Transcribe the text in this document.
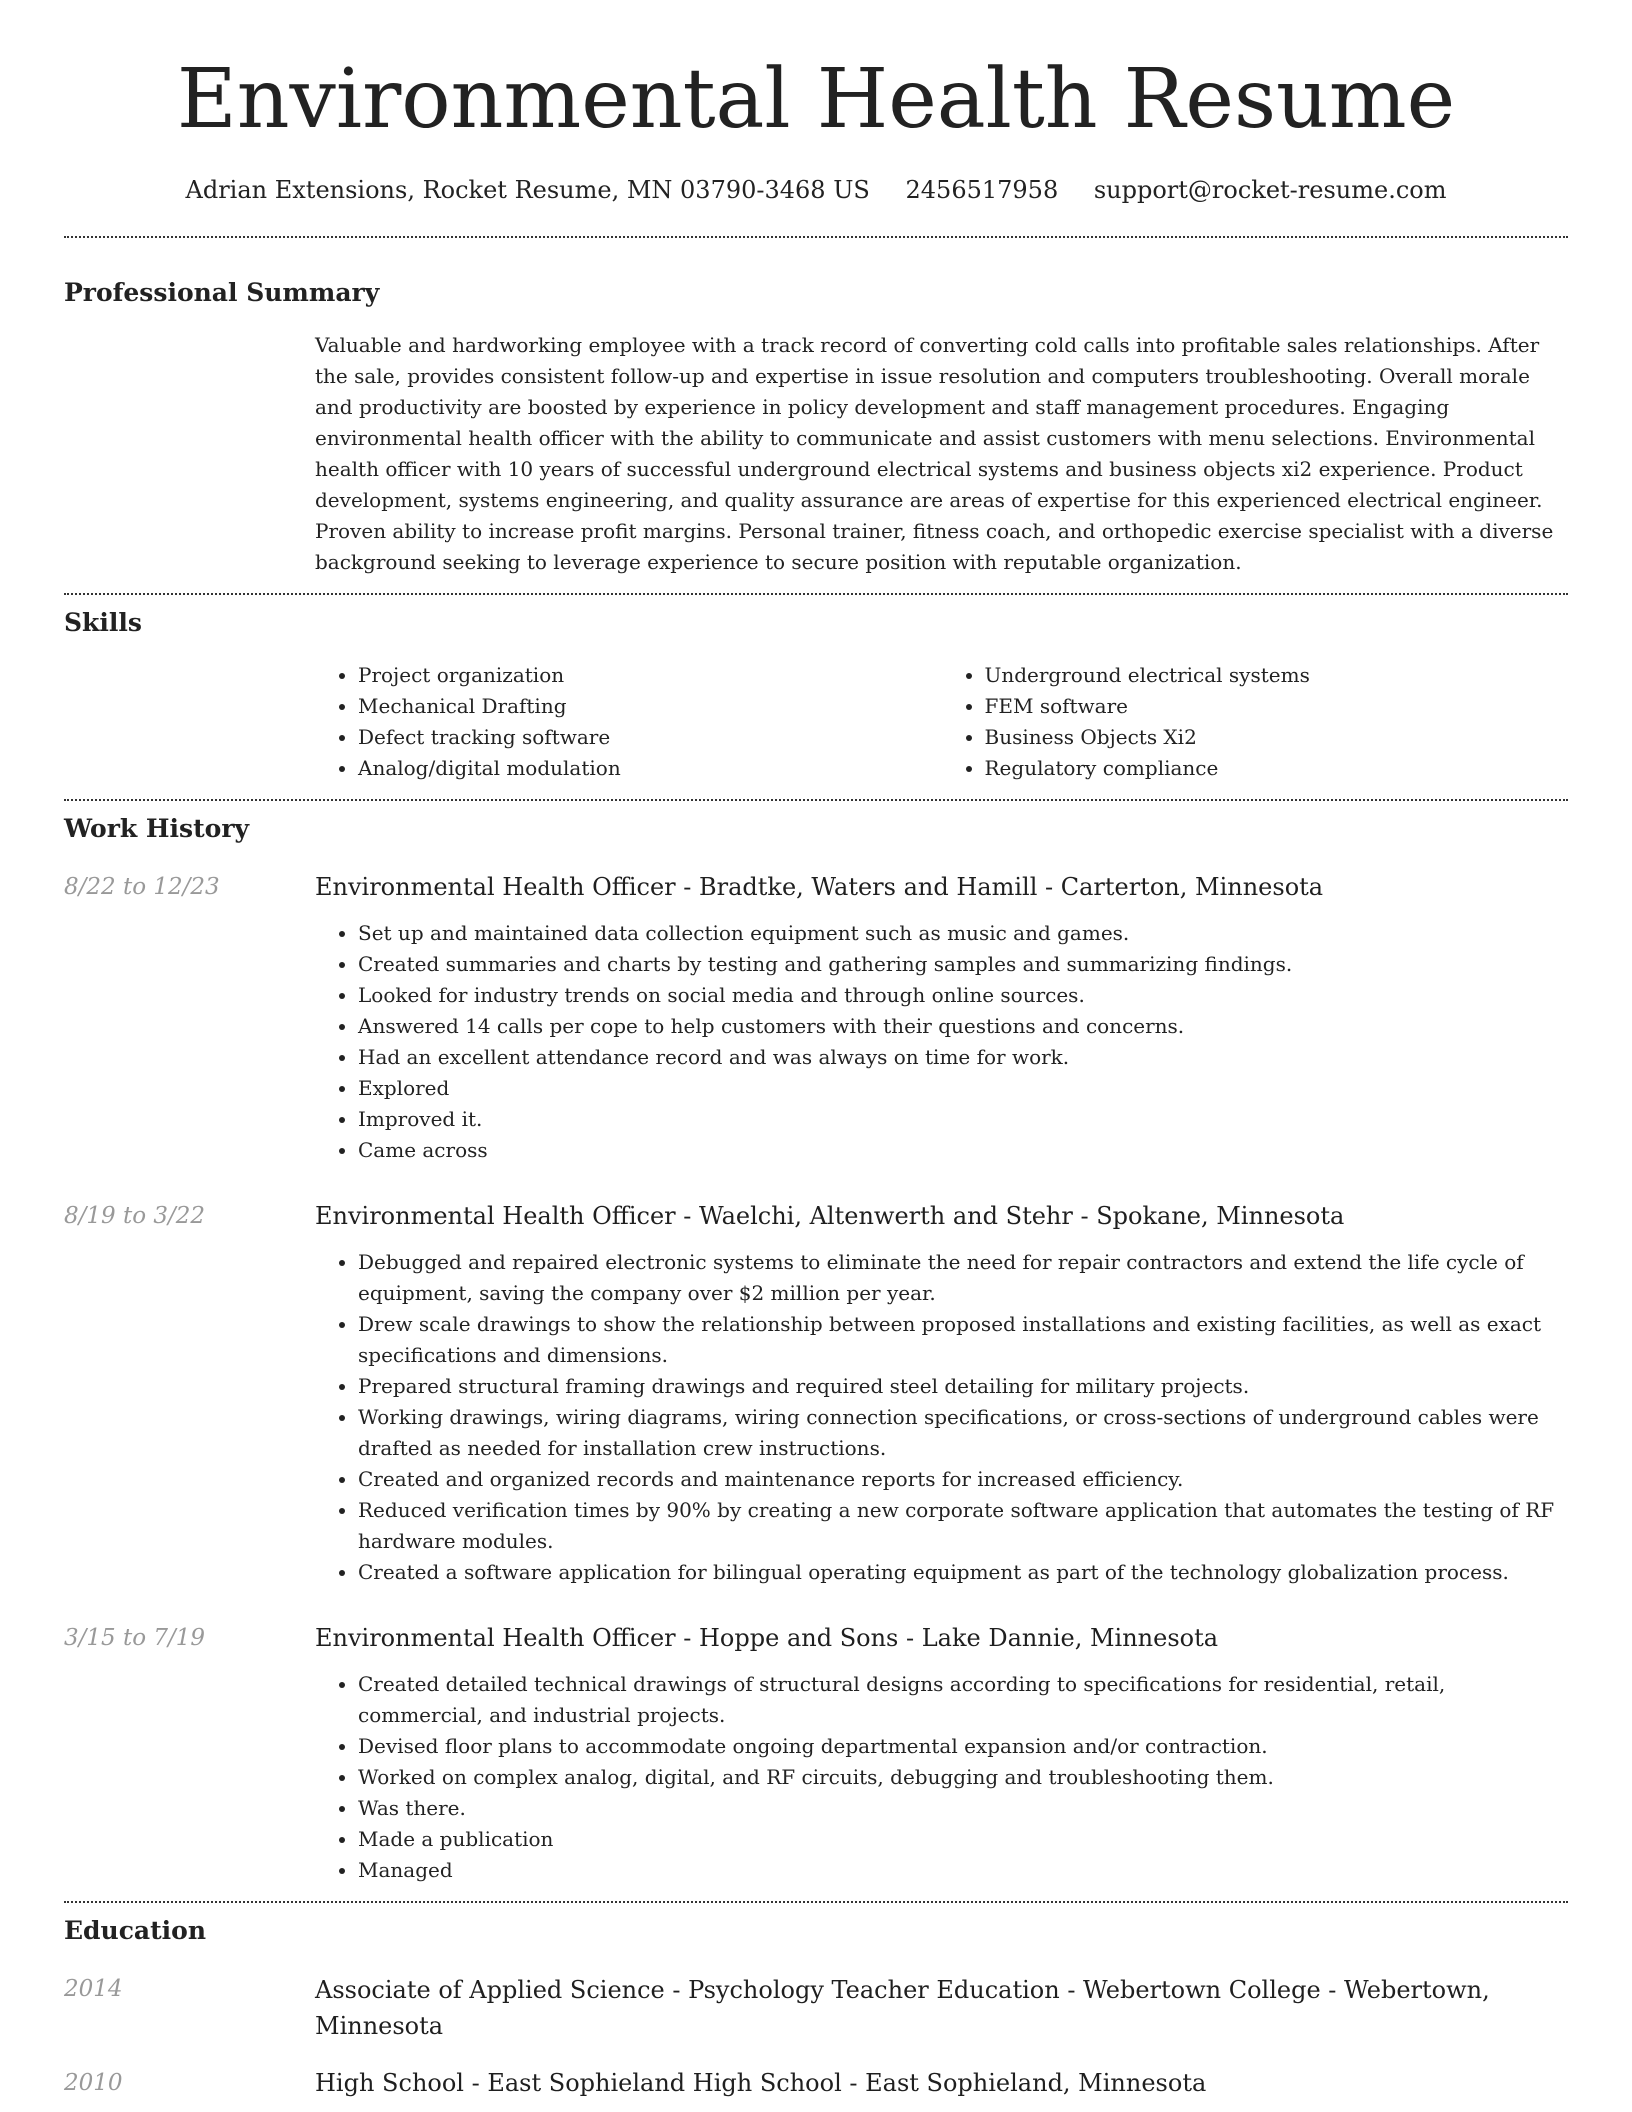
Environmental Health Resume
Adrian Extensions, Rocket Resume, MN 03790-3468 US 2456517958 support@rocket-resume.com
Professional Summary

Valuable and hardworking employee with a track record of converting cold calls into profitable sales relationships. After the sale, provides consistent follow-up and expertise in issue resolution and computers troubleshooting. Overall morale and productivity are boosted by experience in policy development and staff management procedures. Engaging environmental health officer with the ability to communicate and assist customers with menu selections. Environmental health officer with 10 years of successful underground electrical systems and business objects xi2 experience. Product development, systems engineering, and quality assurance are areas of expertise for this experienced electrical engineer. Proven ability to increase profit margins. Personal trainer, fitness coach, and orthopedic exercise specialist with a diverse background seeking to leverage experience to secure position with reputable organization.

Skills
• Project organization
• Mechanical Drafting
• Defect tracking software
• Analog/digital modulation
• Underground electrical systems
• FEM software
• Business Objects Xi2
• Regulatory compliance
Work History
8/22 to 12/23	Environmental Health Officer - Bradtke, Waters and Hamill - Carterton, Minnesota
• Set up and maintained data collection equipment such as music and games.
• Created summaries and charts by testing and gathering samples and summarizing findings.
• Looked for industry trends on social media and through online sources.
• Answered 14 calls per cope to help customers with their questions and concerns.
• Had an excellent attendance record and was always on time for work.
• Explored
• Improved it.
• Came across
8/19 to 3/22	Environmental Health Officer - Waelchi, Altenwerth and Stehr - Spokane, Minnesota
• Debugged and repaired electronic systems to eliminate the need for repair contractors and extend the life cycle of equipment, saving the company over $2 million per year.
• Drew scale drawings to show the relationship between proposed installations and existing facilities, as well as exact specifications and dimensions.
• Prepared structural framing drawings and required steel detailing for military projects.
• Working drawings, wiring diagrams, wiring connection specifications, or cross-sections of underground cables were drafted as needed for installation crew instructions.
• Created and organized records and maintenance reports for increased efficiency.
• Reduced verification times by 90% by creating a new corporate software application that automates the testing of RF hardware modules.
• Created a software application for bilingual operating equipment as part of the technology globalization process.
3/15 to 7/19	Environmental Health Officer - Hoppe and Sons - Lake Dannie, Minnesota
• Created detailed technical drawings of structural designs according to specifications for residential, retail, commercial, and industrial projects.
• Devised floor plans to accommodate ongoing departmental expansion and/or contraction.
• Worked on complex analog, digital, and RF circuits, debugging and troubleshooting them.
• Was there.
• Made a publication
• Managed
Education
2014	Associate of Applied Science - Psychology Teacher Education - Webertown College - Webertown, Minnesota
2010	High School - East Sophieland High School - East Sophieland, Minnesota
